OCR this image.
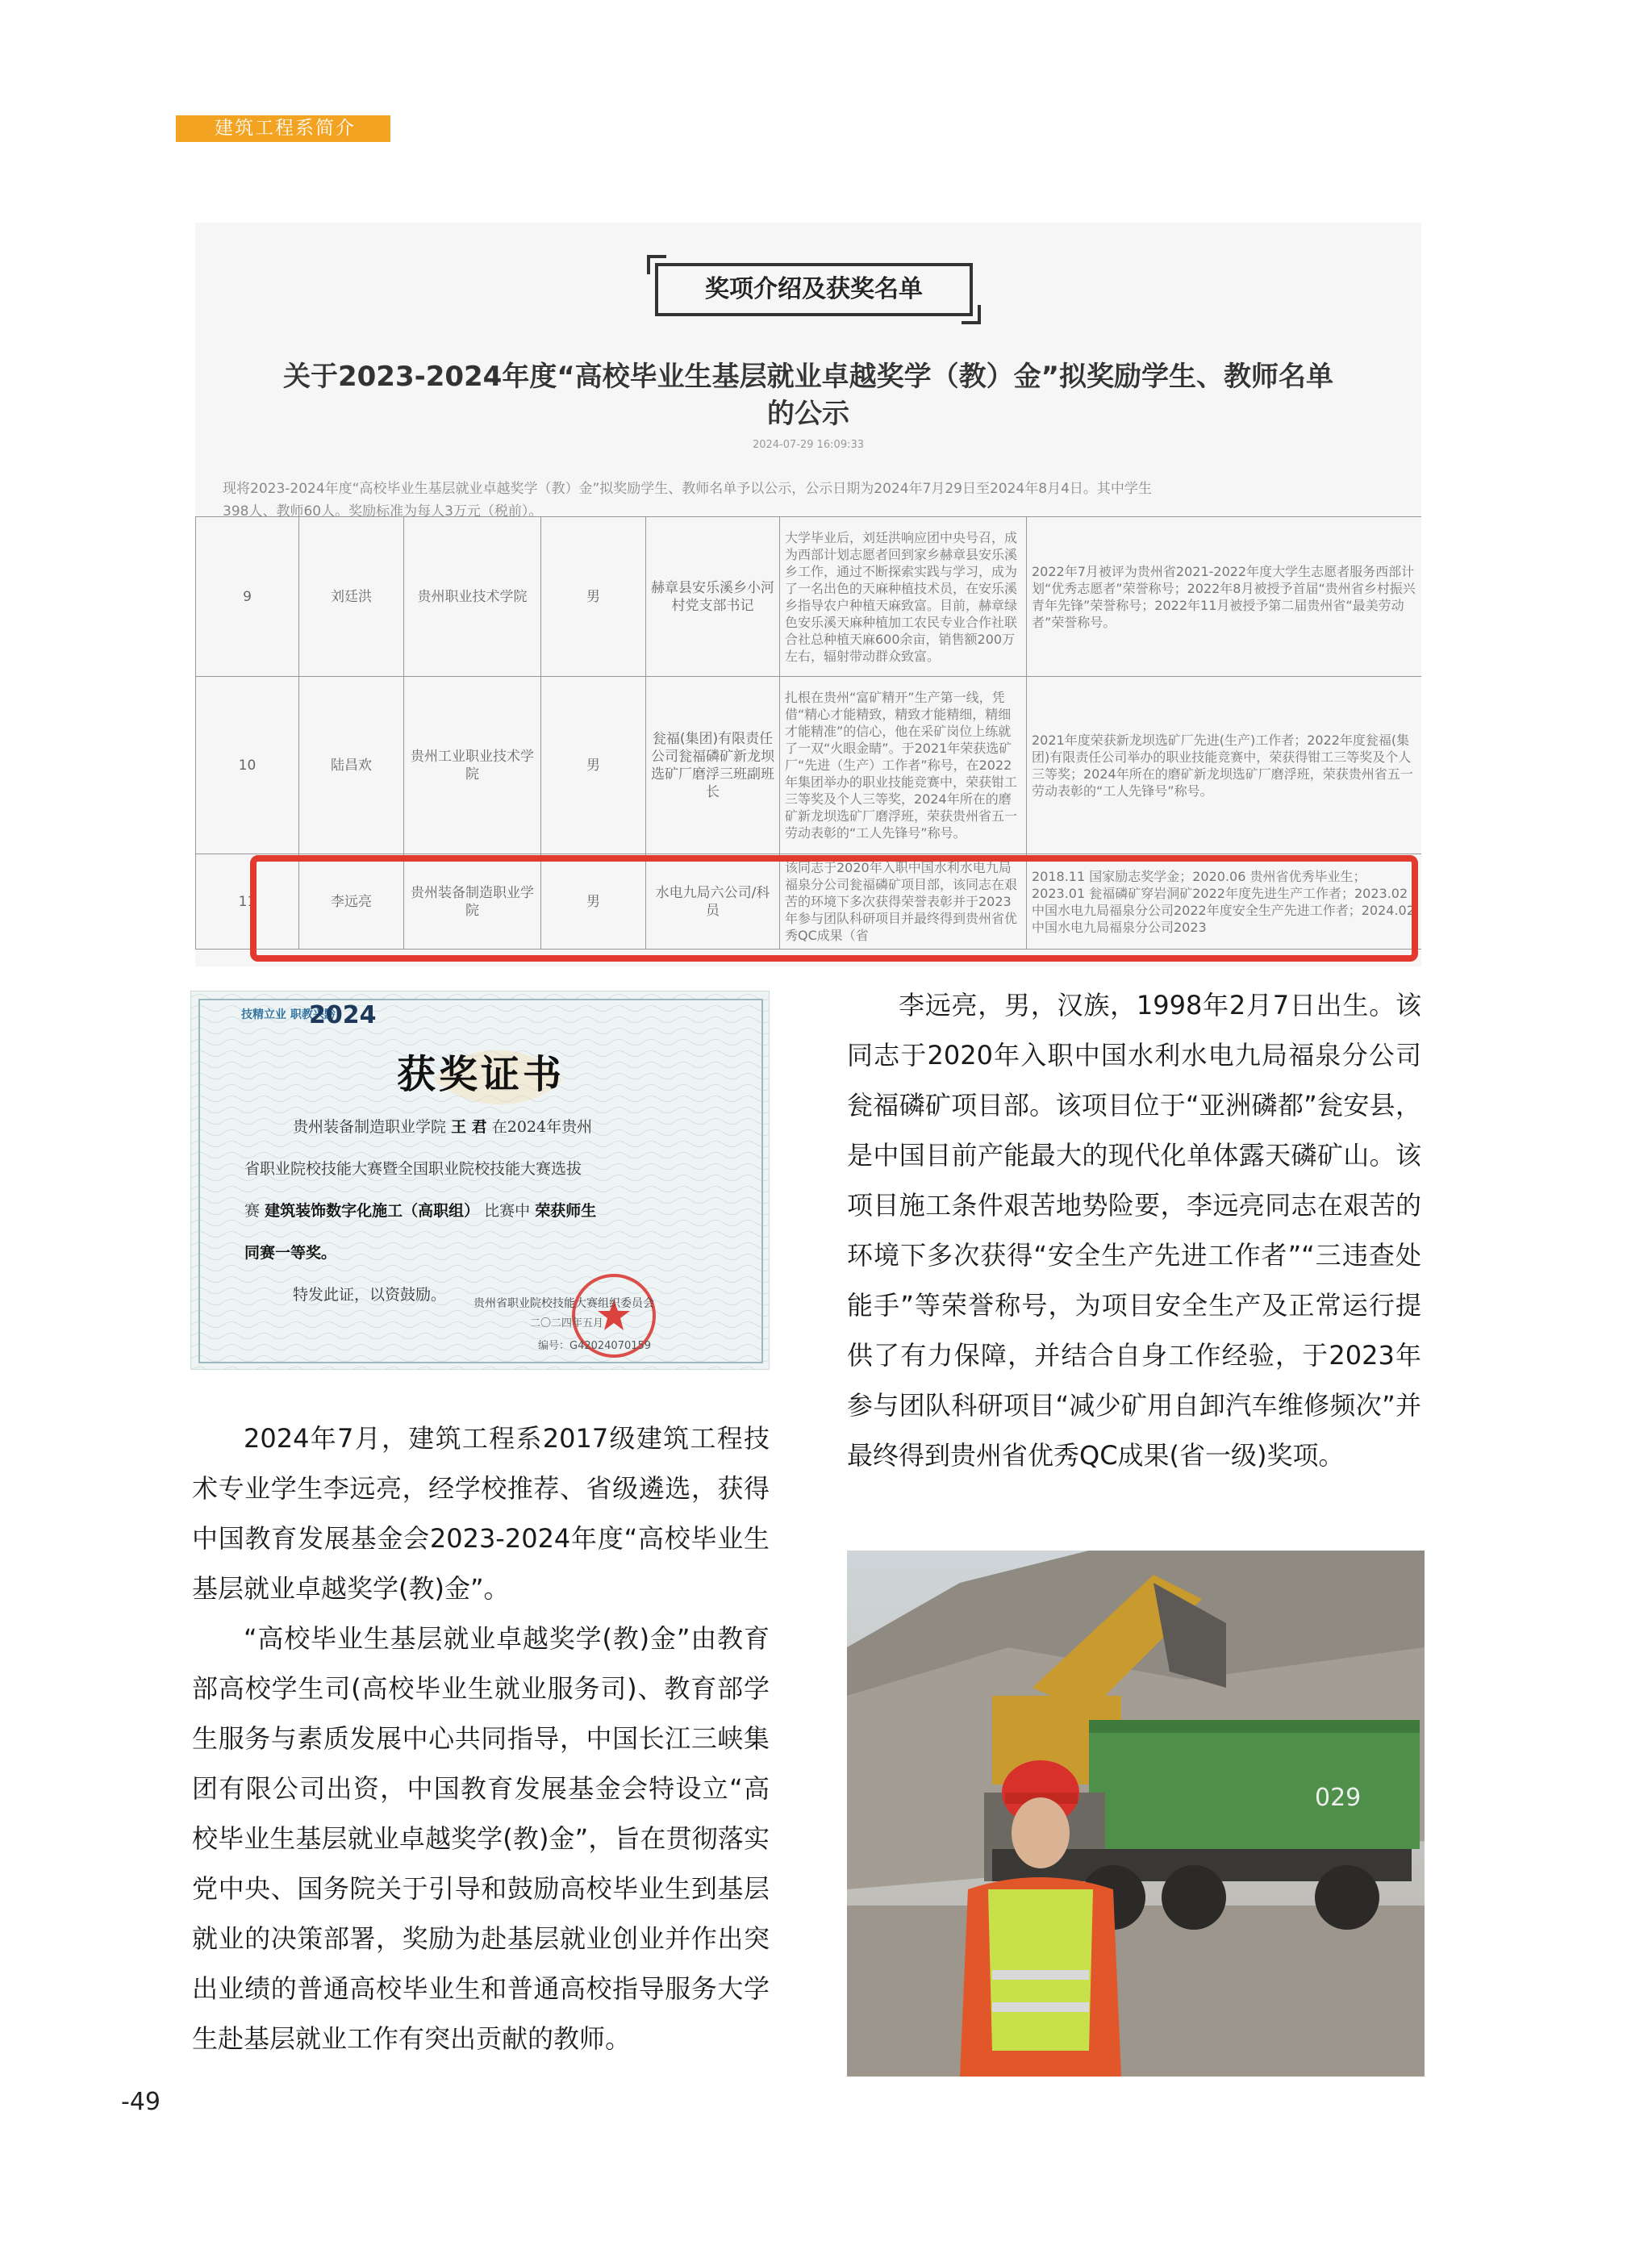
建筑工程系简介
奖项介绍及获奖名单
关于2023-2024年度“高校毕业生基层就业卓越奖学（教）金”拟奖励学生、教师名单
的公示
2024-07-29 16:09:33
现将2023-2024年度“高校毕业生基层就业卓越奖学（教）金”拟奖励学生、教师名单予以公示，公示日期为2024年7月29日至2024年8月4日。其中学生
398人、教师60人。奖励标准为每人3万元（税前）。
9	刘廷洪	贵州职业技术学院	男	赫章县安乐溪乡小河村党支部书记	大学毕业后，刘廷洪响应团中央号召，成为西部计划志愿者回到家乡赫章县安乐溪乡工作，通过不断探索实践与学习，成为了一名出色的天麻种植技术员，在安乐溪乡指导农户种植天麻致富。目前，赫章绿色安乐溪天麻种植加工农民专业合作社联合社总种植天麻600余亩，销售额200万左右，辐射带动群众致富。	2022年7月被评为贵州省2021-2022年度大学生志愿者服务西部计划“优秀志愿者”荣誉称号；2022年8月被授予首届“贵州省乡村振兴青年先锋”荣誉称号；2022年11月被授予第二届贵州省“最美劳动者”荣誉称号。
10	陆昌欢	贵州工业职业技术学院	男	瓮福(集团)有限责任公司瓮福磷矿新龙坝选矿厂磨浮三班副班长	扎根在贵州“富矿精开”生产第一线，凭借“精心才能精致，精致才能精细，精细才能精准”的信心，他在采矿岗位上练就了一双“火眼金睛”。于2021年荣获选矿厂“先进（生产）工作者”称号，在2022年集团举办的职业技能竞赛中，荣获钳工三等奖及个人三等奖，2024年所在的磨矿新龙坝选矿厂磨浮班，荣获贵州省五一劳动表彰的“工人先锋号”称号。	2021年度荣获新龙坝选矿厂先进(生产)工作者；2022年度瓮福(集团)有限责任公司举办的职业技能竞赛中，荣获得钳工三等奖及个人三等奖；2024年所在的磨矿新龙坝选矿厂磨浮班，荣获贵州省五一劳动表彰的“工人先锋号”称号。
11	李远亮	贵州装备制造职业学院	男	水电九局六公司/科员	该同志于2020年入职中国水利水电九局福泉分公司瓮福磷矿项目部，该同志在艰苦的环境下多次获得荣誉表彰并于2023年参与团队科研项目并最终得到贵州省优秀QC成果（省	2018.11 国家励志奖学金；2020.06 贵州省优秀毕业生；2023.01 瓮福磷矿穿岩洞矿2022年度先进生产工作者；2023.02 中国水电九局福泉分公司2022年度安全生产先进工作者；2024.02 中国水电九局福泉分公司2023
技精立业 职教兴黔
2024
获奖证书
贵州装备制造职业学院 王 君 在2024年贵州
省职业院校技能大赛暨全国职业院校技能大赛选拔
赛 建筑装饰数字化施工（高职组） 比赛中 荣获师生
同赛一等奖。
特发此证，以资鼓励。	贵州省职业院校技能大赛组织委员会
二〇二四年五月
编号：G42024070159

李远亮，男，汉族，1998年2月7日出生。该同志于2020年入职中国水利水电九局福泉分公司瓮福磷矿项目部。该项目位于“亚洲磷都”瓮安县，是中国目前产能最大的现代化单体露天磷矿山。该项目施工条件艰苦地势险要，李远亮同志在艰苦的环境下多次获得“安全生产先进工作者”“三违查处能手”等荣誉称号，为项目安全生产及正常运行提供了有力保障，并结合自身工作经验，于2023年参与团队科研项目“减少矿用自卸汽车维修频次”并最终得到贵州省优秀QC成果(省一级)奖项。

2024年7月，建筑工程系2017级建筑工程技术专业学生李远亮，经学校推荐、省级遴选，获得中国教育发展基金会2023-2024年度“高校毕业生基层就业卓越奖学(教)金”。

“高校毕业生基层就业卓越奖学(教)金”由教育部高校学生司(高校毕业生就业服务司)、教育部学生服务与素质发展中心共同指导，中国长江三峡集团有限公司出资，中国教育发展基金会特设立“高校毕业生基层就业卓越奖学(教)金”，旨在贯彻落实党中央、国务院关于引导和鼓励高校毕业生到基层就业的决策部署，奖励为赴基层就业创业并作出突出业绩的普通高校毕业生和普通高校指导服务大学生赴基层就业工作有突出贡献的教师。

029
-49
